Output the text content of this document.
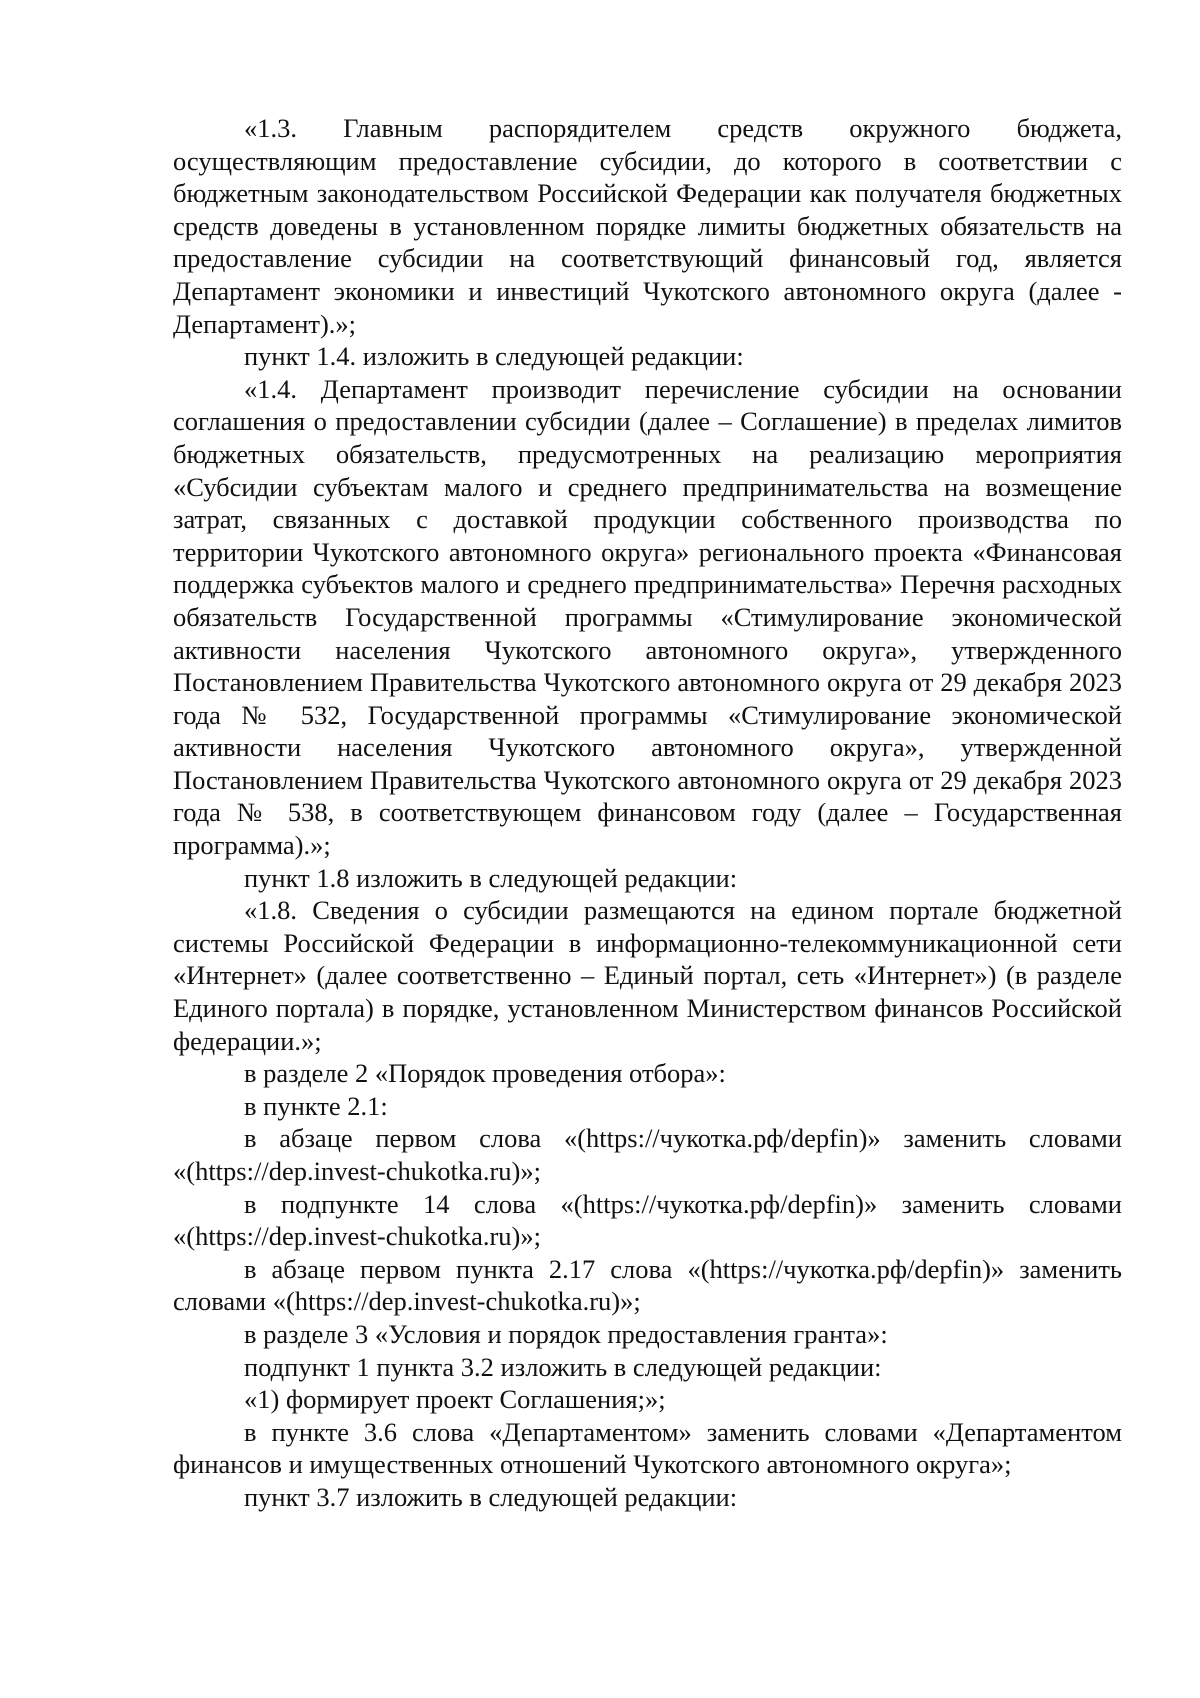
«1.3. Главным распорядителем средств окружного бюджета, осуществляющим предоставление субсидии, до которого в соответствии с бюджетным законодательством Российской Федерации как получателя бюджетных средств доведены в установленном порядке лимиты бюджетных обязательств на предоставление субсидии на соответствующий финансовый год, является Департамент экономики и инвестиций Чукотского автономного округа (далее - Департамент).»;

пункт 1.4. изложить в следующей редакции:

«1.4. Департамент производит перечисление субсидии на основании соглашения о предоставлении субсидии (далее – Соглашение) в пределах лимитов бюджетных обязательств, предусмотренных на реализацию мероприятия «Субсидии субъектам малого и среднего предпринимательства на возмещение затрат, связанных с доставкой продукции собственного производства по территории Чукотского автономного округа» регионального проекта «Финансовая поддержка субъектов малого и среднего предпринимательства» Перечня расходных обязательств Государственной программы «Стимулирование экономической активности населения Чукотского автономного округа», утвержденного Постановлением Правительства Чукотского автономного округа от 29 декабря 2023 года № 532, Государственной программы «Стимулирование экономической активности населения Чукотского автономного округа», утвержденной Постановлением Правительства Чукотского автономного округа от 29 декабря 2023 года № 538, в соответствующем финансовом году (далее – Государственная программа).»;

пункт 1.8 изложить в следующей редакции:

«1.8. Сведения о субсидии размещаются на едином портале бюджетной системы Российской Федерации в информационно-телекоммуникационной сети «Интернет» (далее соответственно – Единый портал, сеть «Интернет») (в разделе Единого портала) в порядке, установленном Министерством финансов Российской федерации.»;

в разделе 2 «Порядок проведения отбора»:

в пункте 2.1:

в абзаце первом слова «(https://чукотка.рф/depfin)» заменить словами «(https://dep.invest-chukotka.ru)»;

в подпункте 14 слова «(https://чукотка.рф/depfin)» заменить словами «(https://dep.invest-chukotka.ru)»;

в абзаце первом пункта 2.17 слова «(https://чукотка.рф/depfin)» заменить словами «(https://dep.invest-chukotka.ru)»;

в разделе 3 «Условия и порядок предоставления гранта»:

подпункт 1 пункта 3.2 изложить в следующей редакции:

«1) формирует проект Соглашения;»;

в пункте 3.6 слова «Департаментом» заменить словами «Департаментом финансов и имущественных отношений Чукотского автономного округа»;

пункт 3.7 изложить в следующей редакции:
